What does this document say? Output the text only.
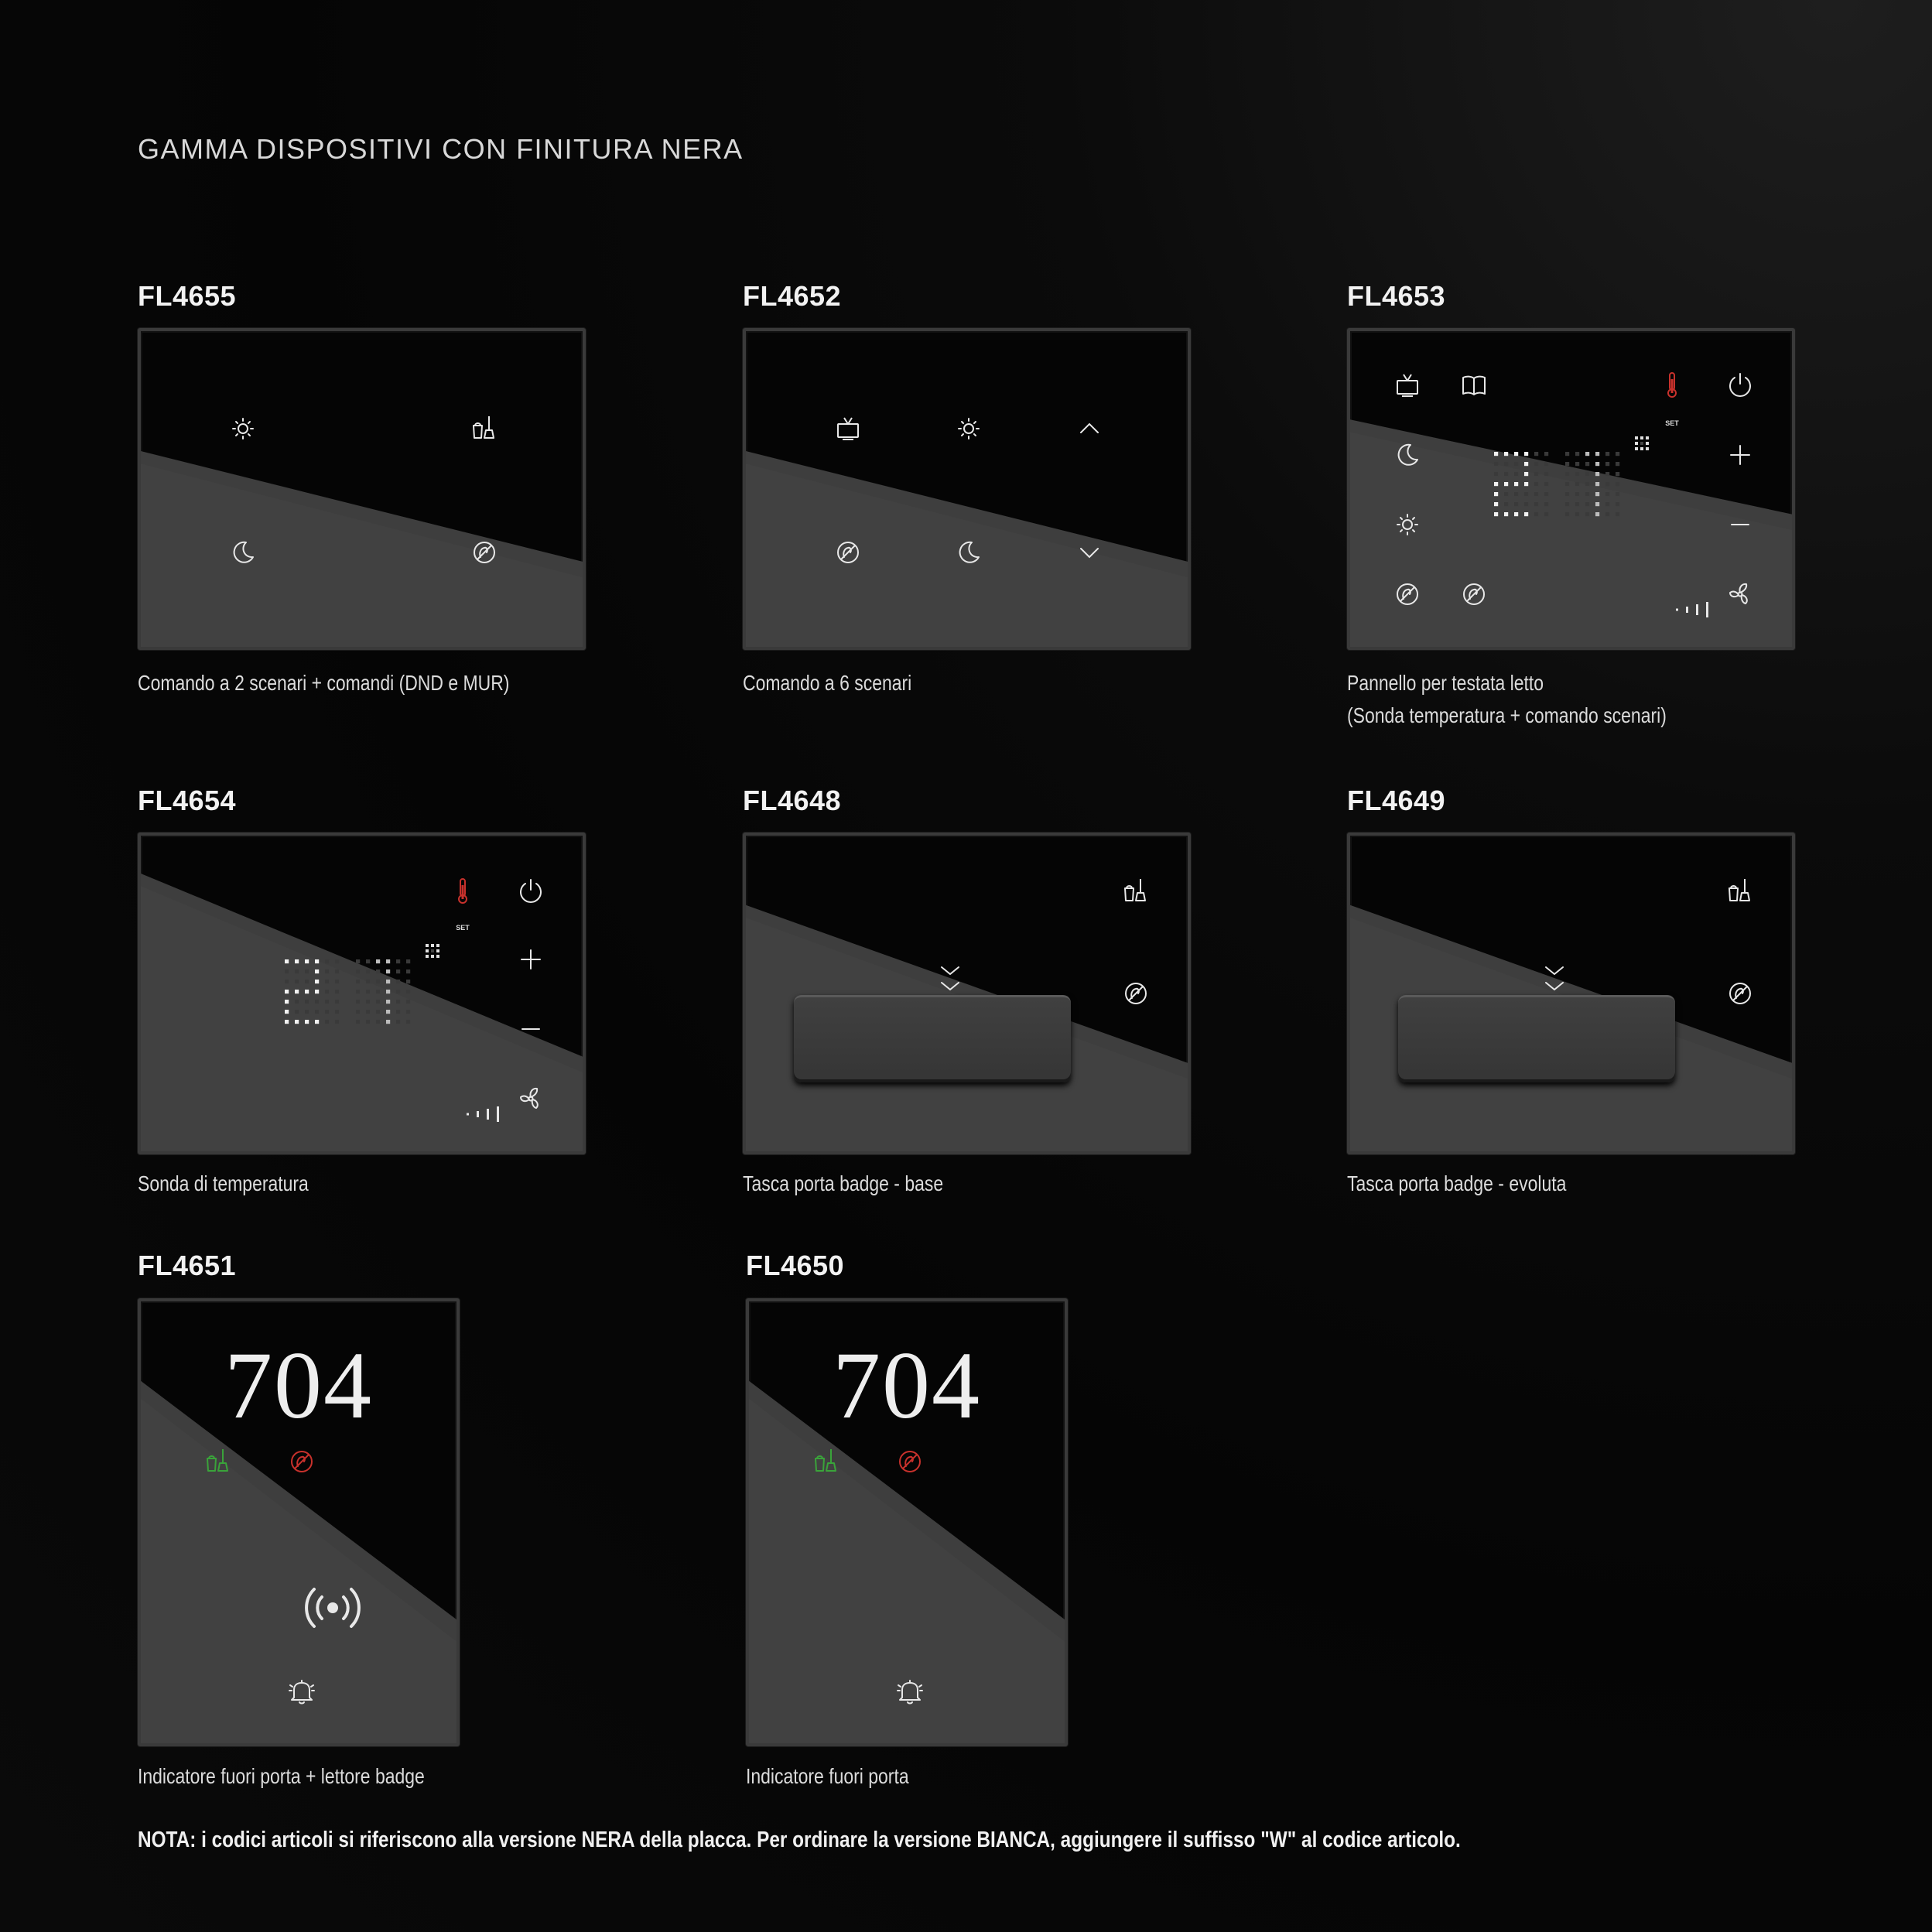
GAMMA DISPOSITIVI CON FINITURA NERA
FL4655
Comando a 2 scenari + comandi (DND e MUR)
FL4652
Comando a 6 scenari
FL4653
SET
Pannello per testata letto
(Sonda temperatura + comando scenari)
FL4654
SET
Sonda di temperatura
FL4648
Tasca porta badge - base
FL4649
Tasca porta badge - evoluta
FL4651
704
Indicatore fuori porta + lettore badge
FL4650
704
Indicatore fuori porta
NOTA: i codici articoli si riferiscono alla versione NERA della placca. Per ordinare la versione BIANCA, aggiungere il suffisso "W" al codice articolo.
